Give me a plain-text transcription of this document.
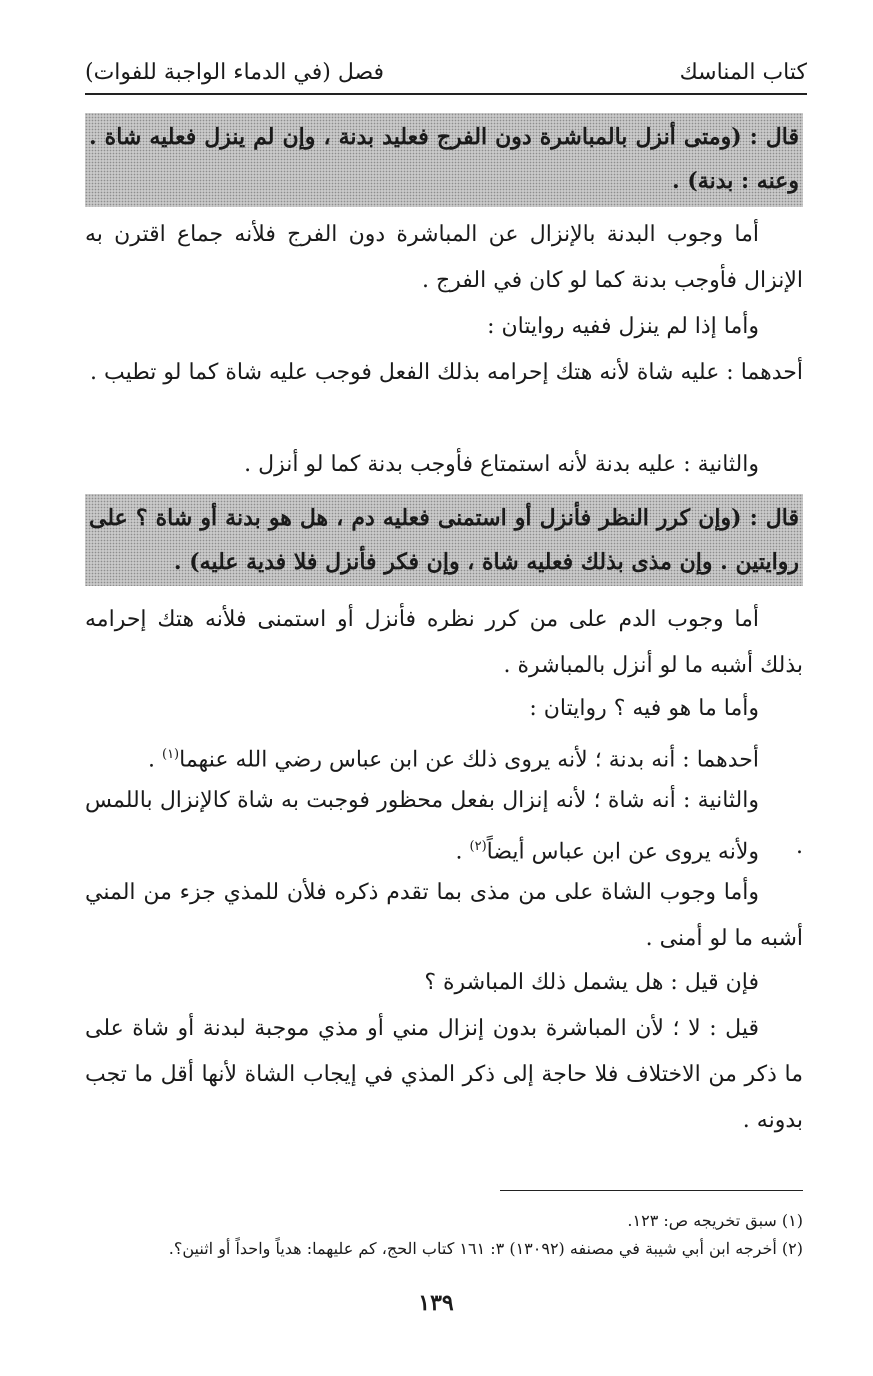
كتاب المناسك
فصل (في الدماء الواجبة للفوات)
قال : (ومتى أنزل بالمباشرة دون الفرج فعليد بدنة ، وإن لم ينزل فعليه شاة . وعنه : بدنة) .
أما وجوب البدنة بالإنزال عن المباشرة دون الفرج فلأنه جماع اقترن به الإنزال فأوجب بدنة كما لو كان في الفرج .
وأما إذا لم ينزل ففيه روايتان :
أحدهما : عليه شاة لأنه هتك إحرامه بذلك الفعل فوجب عليه شاة كما لو تطيب .
والثانية : عليه بدنة لأنه استمتاع فأوجب بدنة كما لو أنزل .
قال : (وإن كرر النظر فأنزل أو استمنى فعليه دم ، هل هو بدنة أو شاة ؟ على روايتين . وإن مذى بذلك فعليه شاة ، وإن فكر فأنزل فلا فدية عليه) .
أما وجوب الدم على من كرر نظره فأنزل أو استمنى فلأنه هتك إحرامه بذلك أشبه ما لو أنزل بالمباشرة .
وأما ما هو فيه ؟ روايتان :
أحدهما : أنه بدنة ؛ لأنه يروى ذلك عن ابن عباس رضي الله عنهما$^{(١)}$ .
والثانية : أنه شاة ؛ لأنه إنزال بفعل محظور فوجبت به شاة كالإنزال باللمس .
ولأنه يروى عن ابن عباس أيضاً$^{(٢)}$ .
وأما وجوب الشاة على من مذى بما تقدم ذكره فلأن للمذي جزء من المني أشبه ما لو أمنى .
فإن قيل : هل يشمل ذلك المباشرة ؟
قيل : لا ؛ لأن المباشرة بدون إنزال مني أو مذي موجبة لبدنة أو شاة على ما ذكر من الاختلاف فلا حاجة إلى ذكر المذي في إيجاب الشاة لأنها أقل ما تجب بدونه .
(١) سبق تخريجه ص: ١٢٣.
(٢) أخرجه ابن أبي شيبة في مصنفه (١٣٠٩٢) ٣: ١٦١ كتاب الحج، كم عليهما: هدياً واحداً أو اثنين؟.
١٣٩
